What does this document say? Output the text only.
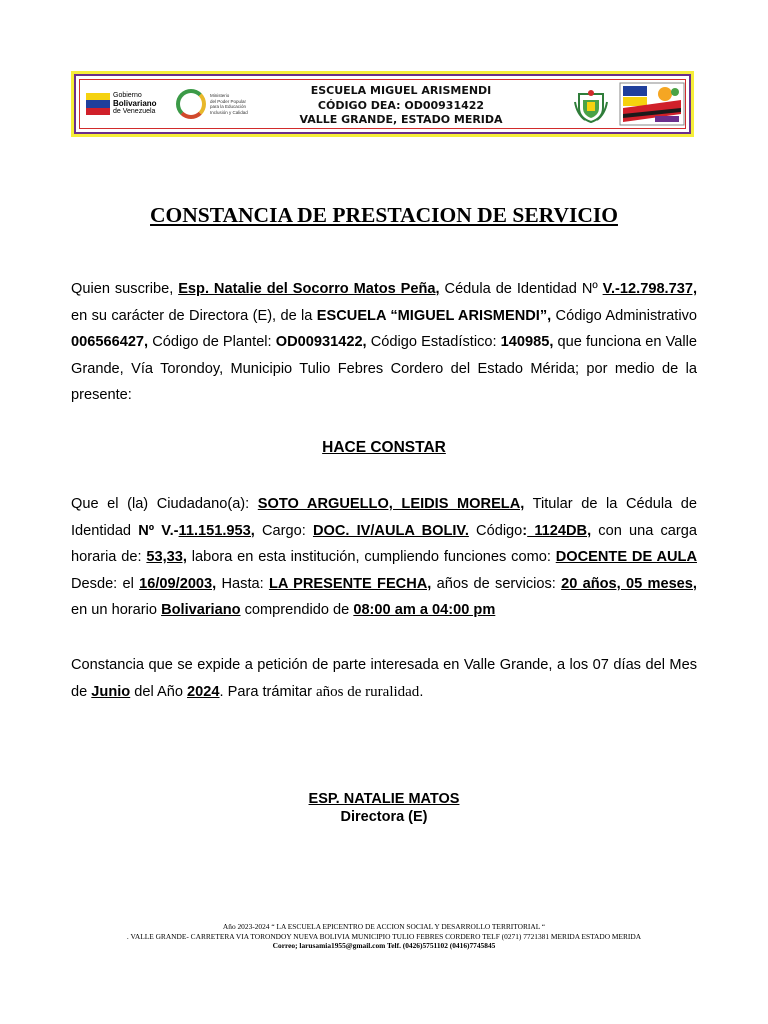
Gobierno
Bolivariano
de Venezuela
Ministerio
del Poder Popular
para la Educación
Inclusión y Calidad
ESCUELA MIGUEL ARISMENDI
CÓDIGO DEA: OD00931422
VALLE GRANDE, ESTADO MERIDA
CONSTANCIA DE PRESTACION DE SERVICIO
Quien suscribe, Esp. Natalie del Socorro Matos Peña, Cédula de Identidad Nº V.-12.798.737, en su carácter de Directora (E), de la ESCUELA “MIGUEL ARISMENDI”, Código Administrativo 006566427, Código de Plantel: OD00931422, Código Estadístico: 140985, que funciona en Valle Grande, Vía Torondoy, Municipio Tulio Febres Cordero del Estado Mérida; por medio de la presente:
HACE CONSTAR
Que el (la) Ciudadano(a): SOTO ARGUELLO, LEIDIS MORELA, Titular de la Cédula de Identidad Nº V.-11.151.953, Cargo: DOC. IV/AULA BOLIV. Código: 1124DB, con una carga horaria de: 53,33, labora en esta institución, cumpliendo funciones como: DOCENTE DE AULA Desde: el 16/09/2003, Hasta: LA PRESENTE FECHA, años de servicios: 20 años, 05 meses, en un horario Bolivariano comprendido de 08:00 am a 04:00 pm
Constancia que se expide a petición de parte interesada en Valle Grande, a los 07 días del Mes de Junio del Año 2024. Para trámitar años de ruralidad.
ESP. NATALIE MATOS
Directora (E)
Año 2023-2024 “ LA ESCUELA EPICENTRO DE ACCION SOCIAL Y DESARROLLO TERRITORIAL “
. VALLE GRANDE- CARRETERA VIA TORONDOY NUEVA BOLIVIA MUNICIPIO TULIO FEBRES CORDERO TELF (0271) 7721381 MERIDA ESTADO MERIDA
Correo; larusamia1955@gmail.com Telf. (0426)5751102 (0416)7745845
